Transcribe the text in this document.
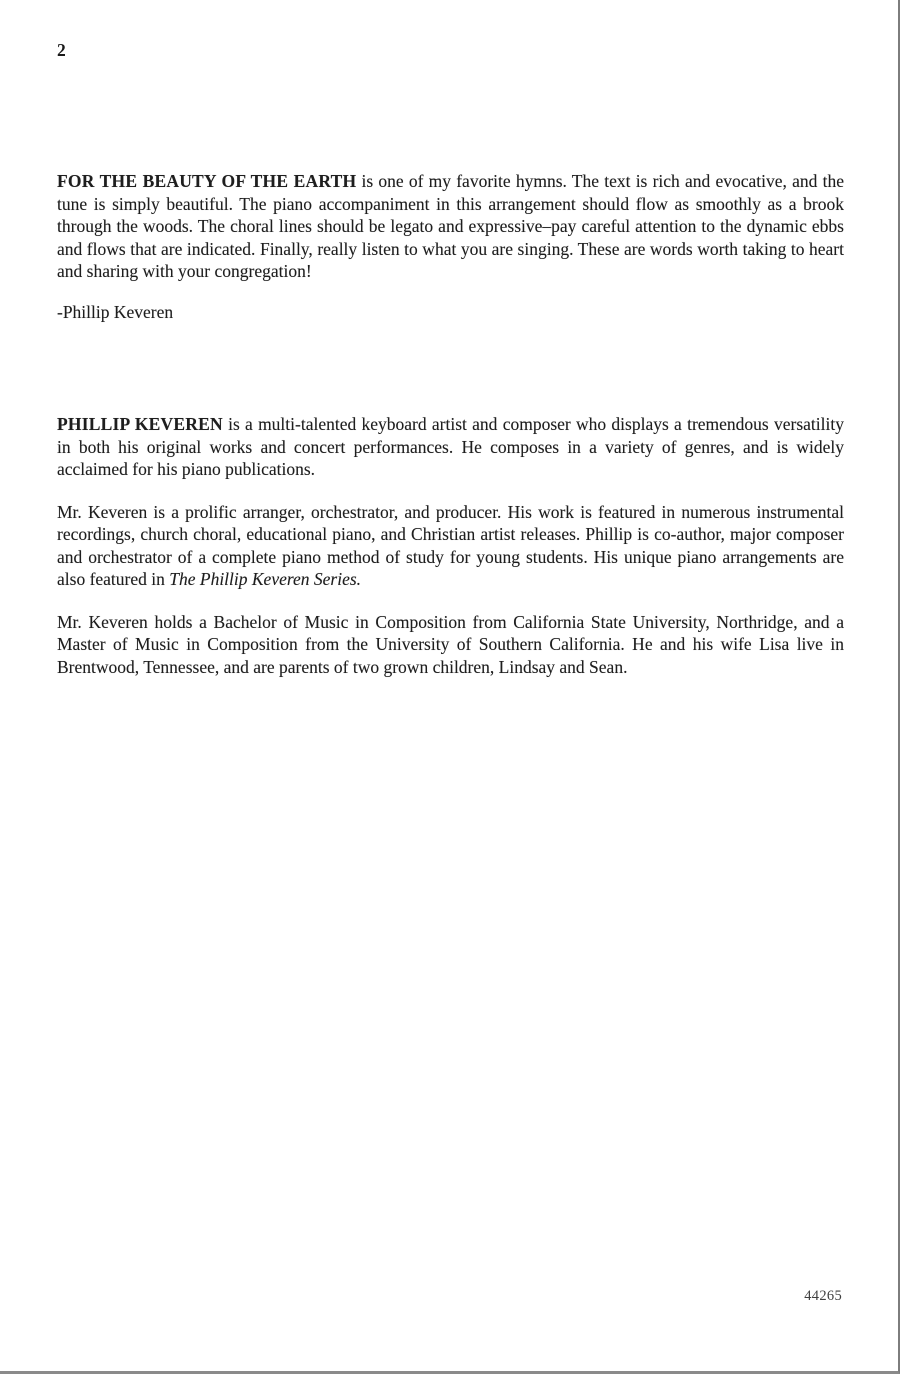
2

FOR THE BEAUTY OF THE EARTH is one of my favorite hymns. The text is rich and evocative, and the tune is simply beautiful. The piano accompaniment in this arrangement should flow as smoothly as a brook through the woods. The choral lines should be legato and expressive–pay careful attention to the dynamic ebbs and flows that are indicated. Finally, really listen to what you are singing. These are words worth taking to heart and sharing with your congregation!

-Phillip Keveren

PHILLIP KEVEREN is a multi-talented keyboard artist and composer who displays a tremendous versatility in both his original works and concert performances. He composes in a variety of genres, and is widely acclaimed for his piano publications.

Mr. Keveren is a prolific arranger, orchestrator, and producer. His work is featured in numerous instrumental recordings, church choral, educational piano, and Christian artist releases. Phillip is co-author, major composer and orchestrator of a complete piano method of study for young students. His unique piano arrangements are also featured in The Phillip Keveren Series.

Mr. Keveren holds a Bachelor of Music in Composition from California State University, Northridge, and a Master of Music in Composition from the University of Southern California. He and his wife Lisa live in Brentwood, Tennessee, and are parents of two grown children, Lindsay and Sean.

44265
